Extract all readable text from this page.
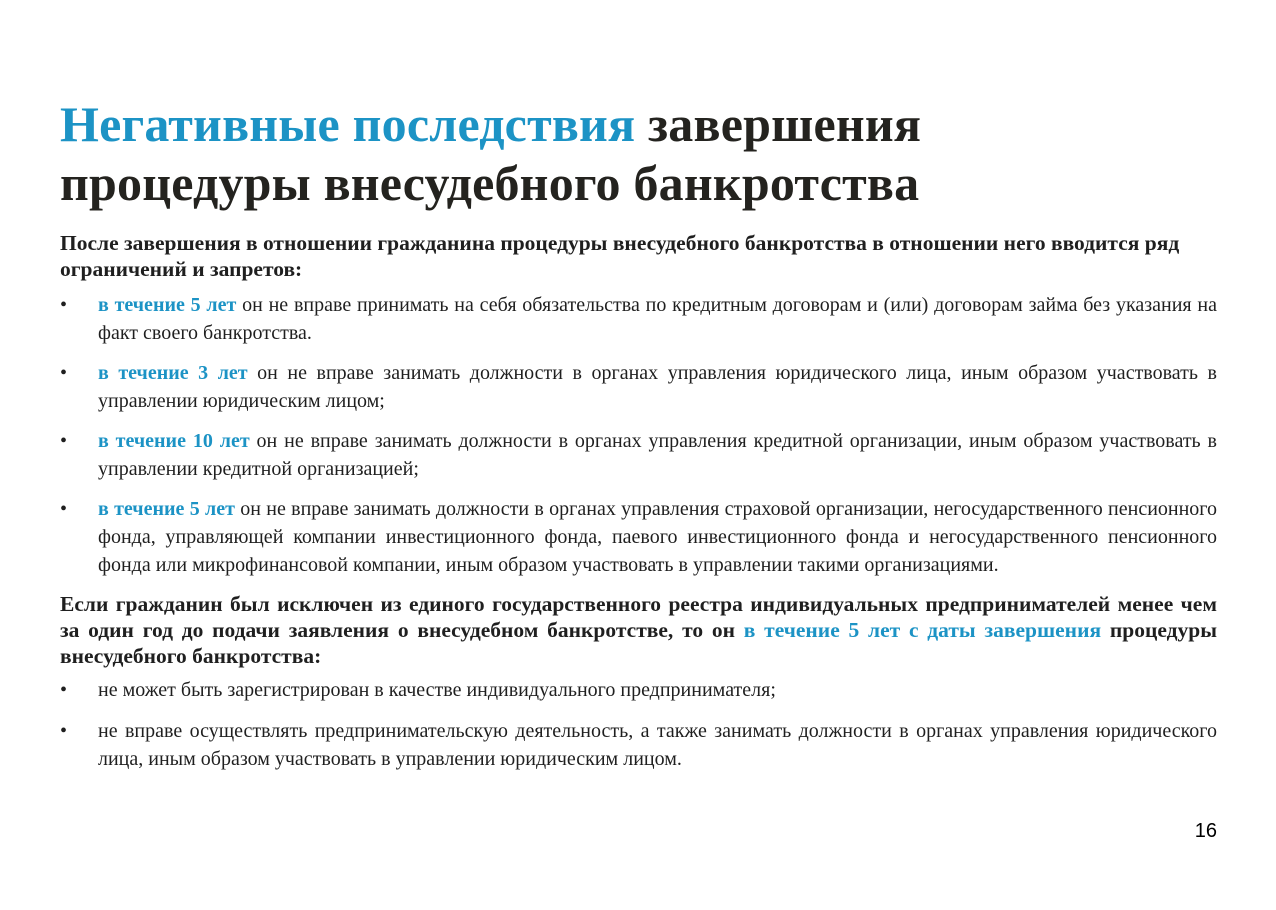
Негативные последствия завершения
процедуры внесудебного банкротства

После завершения в отношении гражданина процедуры внесудебного банкротства в отношении него вводится ряд ограничений и запретов:

•	в течение 5 лет он не вправе принимать на себя обязательства по кредитным договорам и (или) договорам займа без указания на факт своего банкротства.
•	в течение 3 лет он не вправе занимать должности в органах управления юридического лица, иным образом участвовать в управлении юридическим лицом;
•	в течение 10 лет он не вправе занимать должности в органах управления кредитной организации, иным образом участвовать в управлении кредитной организацией;
•	в течение 5 лет он не вправе занимать должности в органах управления страховой организации, негосударственного пенсионного фонда, управляющей компании инвестиционного фонда, паевого инвестиционного фонда и негосударственного пенсионного фонда или микрофинансовой компании, иным образом участвовать в управлении такими организациями.

Если гражданин был исключен из единого государственного реестра индивидуальных предпринимателей менее чем за один год до подачи заявления о внесудебном банкротстве, то он в течение 5 лет с даты завершения процедуры внесудебного банкротства:

•	не может быть зарегистрирован в качестве индивидуального предпринимателя;
•	не вправе осуществлять предпринимательскую деятельность, а также занимать должности в органах управления юридического лица, иным образом участвовать в управлении юридическим лицом.
16
